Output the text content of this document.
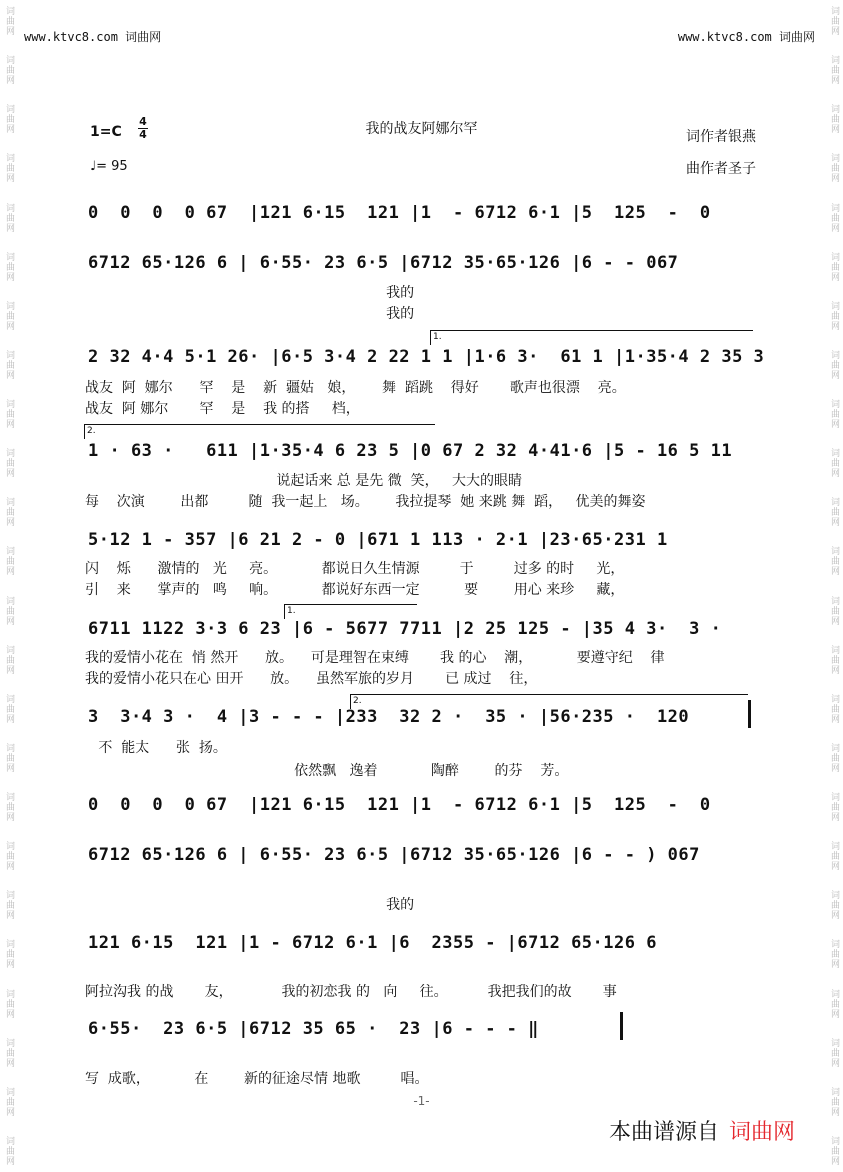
词曲网
词曲网
词曲网
词曲网
词曲网
词曲网
词曲网
词曲网
词曲网
词曲网
词曲网
词曲网
词曲网
词曲网
词曲网
词曲网
词曲网
词曲网
词曲网
词曲网
词曲网
词曲网
词曲网
词曲网
词曲网
词曲网
词曲网
词曲网
词曲网
词曲网
词曲网
词曲网
词曲网
词曲网
词曲网
词曲网
词曲网
词曲网
词曲网
词曲网
词曲网
词曲网
词曲网
词曲网
词曲网
词曲网
词曲网
词曲网
www.ktvc8.com 词曲网	www.ktvc8.com 词曲网
我的战友阿娜尔罕
1=C
4
4
♩= 95
词作者银燕
曲作者圣子
0  0  0  0 67  |121 6·15  121 |1  - 6712 6·1 |5  125  -  0
6712 65·126 6 | 6·55· 23 6·5 |6712 35·65·126 |6 - - 067
我的
我的
2 32 4·4 5·1 26· |6·5 3·4 2 22 1 1 |1·6 3·  61 1 |1·35·4 2 35 3
战友  阿  娜尔      罕    是    新  疆姑   娘，      舞  蹈跳    得好       歌声也很漂    亮。
战友  阿 娜尔       罕    是    我 的搭     档，
1 · 63 ·   611 |1·35·4 6 23 5 |0 67 2 32 4·41·6 |5 - 16 5 11
说起话来 总 是先 微  笑，   大大的眼睛
每    次演        出都         随  我一起上   场。      我拉提琴  她 来跳 舞  蹈，   优美的舞姿
5·12 1 - 357 |6 21 2 - 0 |671 1 113 · 2·1 |23·65·231 1
闪    烁      激情的   光     亮。          都说日久生情源         于         过多 的时     光，
引    来      掌声的   鸣     响。          都说好东西一定          要        用心 来珍     藏，
6711 1122 3·3 6 23 |6 - 5677 7711 |2 25 125 - |35 4 3·  3 ·
我的爱情小花在  悄 然开      放。    可是理智在束缚       我 的心    潮，          要遵守纪    律
我的爱情小花只在心 田开      放。    虽然军旅的岁月       已 成过    往，
3  3·4 3 ·  4 |3 - - - |233  32 2 ·  35 · |56·235 ·  120
不  能太      张  扬。
依然飘   逸着            陶醉        的芬    芳。
0  0  0  0 67  |121 6·15  121 |1  - 6712 6·1 |5  125  -  0
6712 65·126 6 | 6·55· 23 6·5 |6712 35·65·126 |6 - - ) 067
我的
121 6·15  121 |1 - 6712 6·1 |6  2355 - |6712 65·126 6
阿拉沟我 的战       友，           我的初恋我 的   向     往。         我把我们的故       事
6·55·  23 6·5 |6712 35 65 ·  23 |6 - - - ‖
写  成歌，          在        新的征途尽情 地歌         唱。
1.
2.
1.
2.
-1-
本曲谱源自 词曲网
